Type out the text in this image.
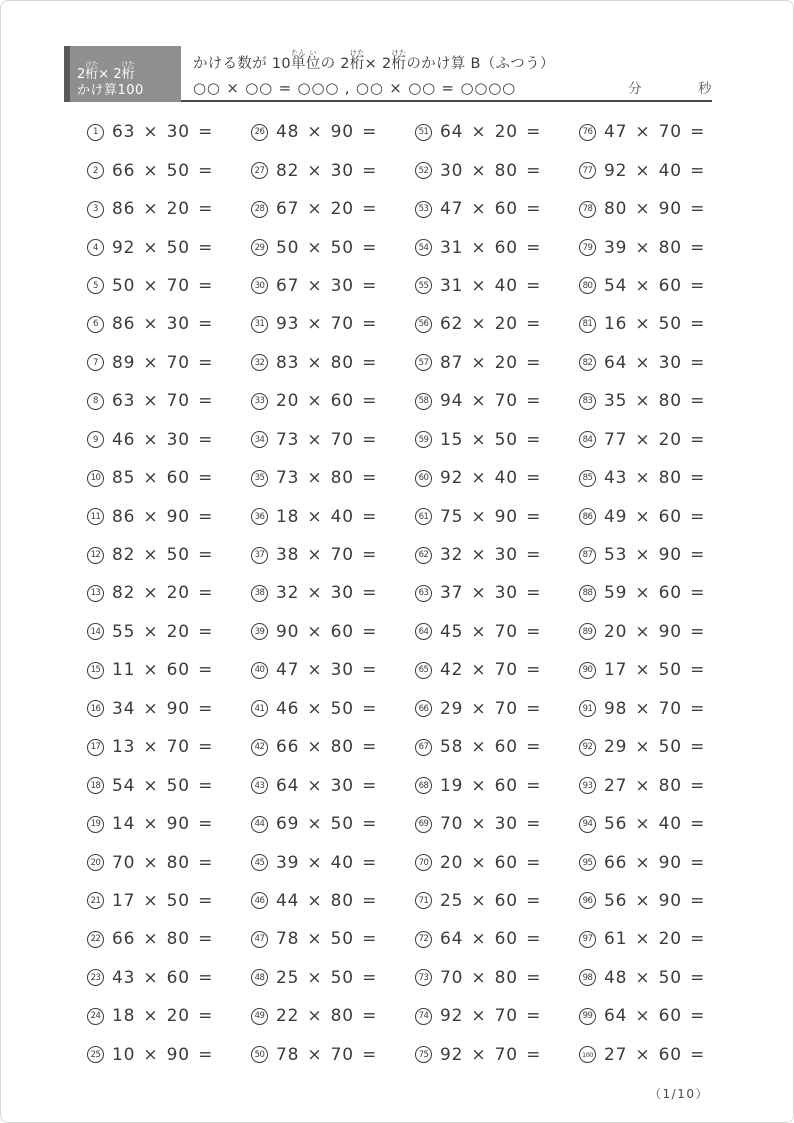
2桁けた× 2桁けた
かけ算100
かける数が 10単たん位いの 2桁けた× 2桁けたのかけ算 B（ふつう）
○○ × ○○ = ○○○ , ○○ × ○○ = ○○○○	分	秒
1 63 × 30 =
2 66 × 50 =
3 86 × 20 =
4 92 × 50 =
5 50 × 70 =
6 86 × 30 =
7 89 × 70 =
8 63 × 70 =
9 46 × 30 =
10 85 × 60 =
11 86 × 90 =
12 82 × 50 =
13 82 × 20 =
14 55 × 20 =
15 11 × 60 =
16 34 × 90 =
17 13 × 70 =
18 54 × 50 =
19 14 × 90 =
20 70 × 80 =
21 17 × 50 =
22 66 × 80 =
23 43 × 60 =
24 18 × 20 =
25 10 × 90 =
26 48 × 90 =
27 82 × 30 =
28 67 × 20 =
29 50 × 50 =
30 67 × 30 =
31 93 × 70 =
32 83 × 80 =
33 20 × 60 =
34 73 × 70 =
35 73 × 80 =
36 18 × 40 =
37 38 × 70 =
38 32 × 30 =
39 90 × 60 =
40 47 × 30 =
41 46 × 50 =
42 66 × 80 =
43 64 × 30 =
44 69 × 50 =
45 39 × 40 =
46 44 × 80 =
47 78 × 50 =
48 25 × 50 =
49 22 × 80 =
50 78 × 70 =
51 64 × 20 =
52 30 × 80 =
53 47 × 60 =
54 31 × 60 =
55 31 × 40 =
56 62 × 20 =
57 87 × 20 =
58 94 × 70 =
59 15 × 50 =
60 92 × 40 =
61 75 × 90 =
62 32 × 30 =
63 37 × 30 =
64 45 × 70 =
65 42 × 70 =
66 29 × 70 =
67 58 × 60 =
68 19 × 60 =
69 70 × 30 =
70 20 × 60 =
71 25 × 60 =
72 64 × 60 =
73 70 × 80 =
74 92 × 70 =
75 92 × 70 =
76 47 × 70 =
77 92 × 40 =
78 80 × 90 =
79 39 × 80 =
80 54 × 60 =
81 16 × 50 =
82 64 × 30 =
83 35 × 80 =
84 77 × 20 =
85 43 × 80 =
86 49 × 60 =
87 53 × 90 =
88 59 × 60 =
89 20 × 90 =
90 17 × 50 =
91 98 × 70 =
92 29 × 50 =
93 27 × 80 =
94 56 × 40 =
95 66 × 90 =
96 56 × 90 =
97 61 × 20 =
98 48 × 50 =
99 64 × 60 =
100 27 × 60 =
（1/10）
